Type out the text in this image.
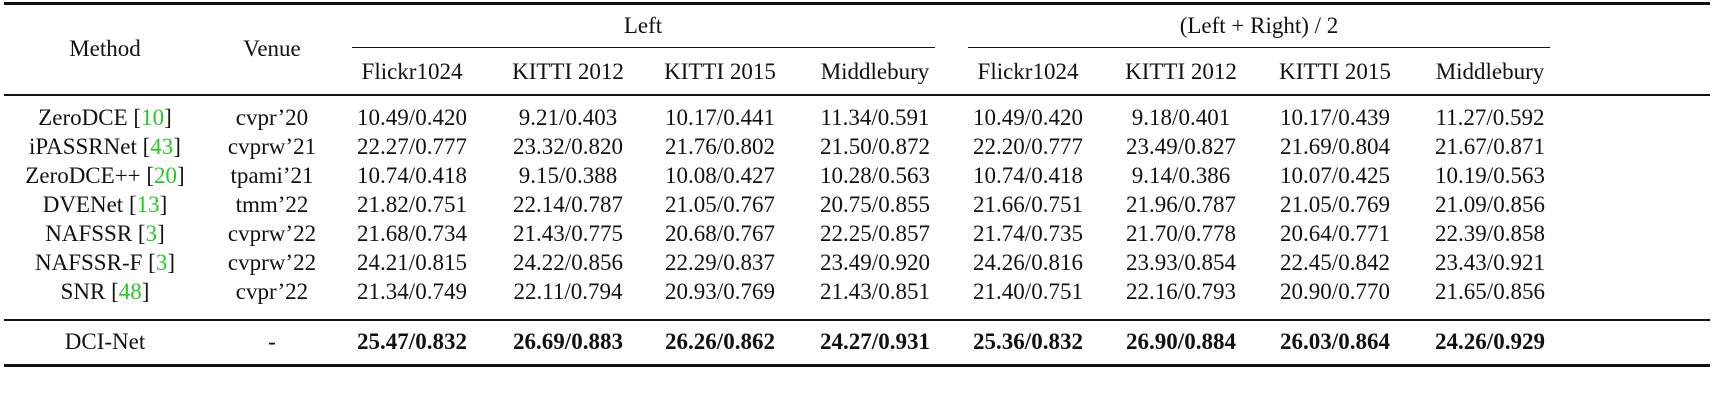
Method	Venue
Left	(Left + Right) / 2
Flickr1024 KITTI 2012 KITTI 2015 Middlebury Flickr1024 KITTI 2012 KITTI 2015 Middlebury
ZeroDCE [10]	cvpr’20 10.49/0.420 9.21/0.403 10.17/0.441 11.34/0.591 10.49/0.420 9.18/0.401 10.17/0.439 11.27/0.592
iPASSRNet [43] cvprw’21 22.27/0.777 23.32/0.820 21.76/0.802 21.50/0.872 22.20/0.777 23.49/0.827 21.69/0.804 21.67/0.871
ZeroDCE++ [20] tpami’21 10.74/0.418 9.15/0.388 10.08/0.427 10.28/0.563 10.74/0.418 9.14/0.386 10.07/0.425 10.19/0.563
DVENet [13]	tmm’22 21.82/0.751 22.14/0.787 21.05/0.767 20.75/0.855 21.66/0.751 21.96/0.787 21.05/0.769 21.09/0.856
NAFSSR [3]	cvprw’22 21.68/0.734 21.43/0.775 20.68/0.767 22.25/0.857 21.74/0.735 21.70/0.778 20.64/0.771 22.39/0.858
NAFSSR-F [3] cvprw’22 24.21/0.815 24.22/0.856 22.29/0.837 23.49/0.920 24.26/0.816 23.93/0.854 22.45/0.842 23.43/0.921
SNR [48]	cvpr’22 21.34/0.749 22.11/0.794 20.93/0.769 21.43/0.851 21.40/0.751 22.16/0.793 20.90/0.770 21.65/0.856
DCI-Net	-	25.47/0.832 26.69/0.883 26.26/0.862 24.27/0.931 25.36/0.832 26.90/0.884 26.03/0.864 24.26/0.929
